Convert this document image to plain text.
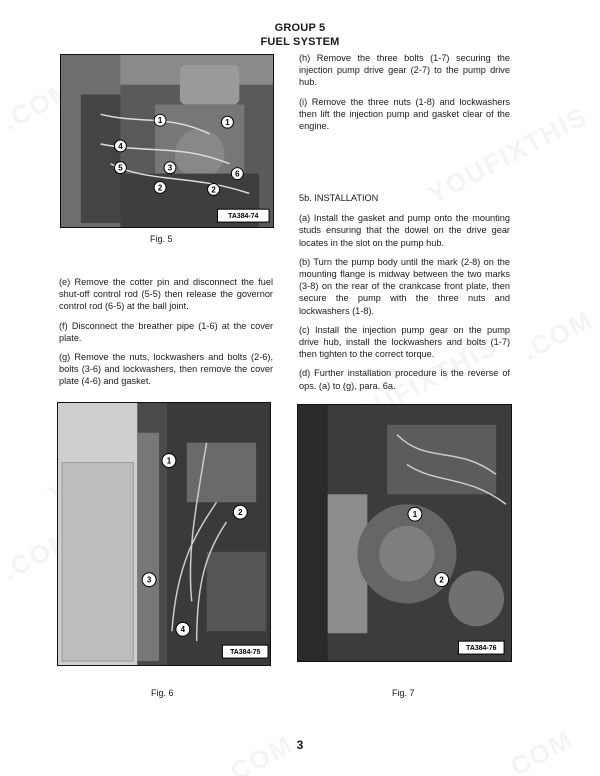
GROUP 5
FUEL SYSTEM
1	1
2	2
3
4
5
6
TA384-74
Fig. 5

(e) Remove the cotter pin and disconnect the fuel shut-off control rod (5-5) then release the governor control rod (6-5) at the ball joint.

(f) Disconnect the breather pipe (1-6) at the cover plate.

(g) Remove the nuts, lockwashers and bolts (2-6), bolts (3-6) and lockwashers, then remove the cover plate (4-6) and gasket.

(h) Remove the three bolts (1-7) securing the injection pump drive gear (2-7) to the pump drive hub.

(i) Remove the three nuts (1-8) and lockwashers then lift the injection pump and gasket clear of the engine.

5b. INSTALLATION

(a) Install the gasket and pump onto the mounting studs ensuring that the dowel on the drive gear locates in the slot on the pump hub.

(b) Turn the pump body until the mark (2-8) on the mounting flange is midway between the two marks (3-8) on the rear of the crankcase front plate, then secure the pump with the three nuts and lockwashers (1-8).

(c) Install the injection pump gear on the pump drive hub, install the lockwashers and bolts (1-7) then tighten to the correct torque.

(d) Further installation procedure is the reverse of ops. (a) to (g), para. 6a.

1
2
3
4
TA384-75
Fig. 6
1
2
TA384-76
Fig. 7
3
